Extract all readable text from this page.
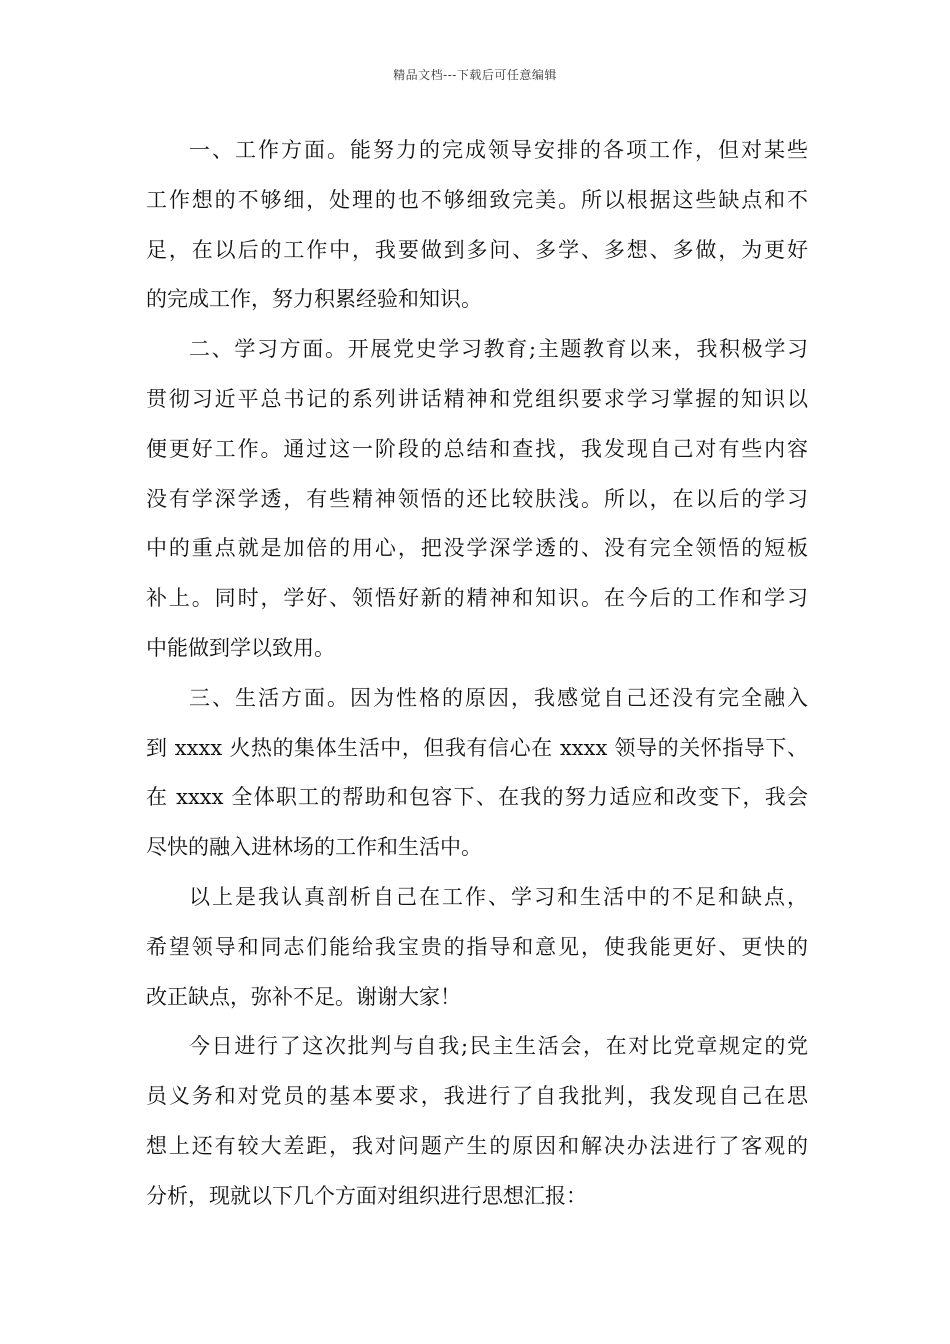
精品文档---下载后可任意编辑

一、工作方面。能努力的完成领导安排的各项工作，但对某些
工作想的不够细，处理的也不够细致完美。所以根据这些缺点和不
足，在以后的工作中，我要做到多问、多学、多想、多做，为更好
的完成工作，努力积累经验和知识。

二、学习方面。开展党史学习教育;主题教育以来，我积极学习
贯彻习近平总书记的系列讲话精神和党组织要求学习掌握的知识以
便更好工作。通过这一阶段的总结和查找，我发现自己对有些内容
没有学深学透，有些精神领悟的还比较肤浅。所以，在以后的学习
中的重点就是加倍的用心，把没学深学透的、没有完全领悟的短板
补上。同时，学好、领悟好新的精神和知识。在今后的工作和学习
中能做到学以致用。

三、生活方面。因为性格的原因，我感觉自己还没有完全融入
到 xxxx 火热的集体生活中，但我有信心在 xxxx 领导的关怀指导下、
在 xxxx 全体职工的帮助和包容下、在我的努力适应和改变下，我会
尽快的融入进林场的工作和生活中。

以上是我认真剖析自己在工作、学习和生活中的不足和缺点，
希望领导和同志们能给我宝贵的指导和意见，使我能更好、更快的
改正缺点，弥补不足。谢谢大家！

今日进行了这次批判与自我;民主生活会，在对比党章规定的党
员义务和对党员的基本要求，我进行了自我批判，我发现自己在思
想上还有较大差距，我对问题产生的原因和解决办法进行了客观的
分析，现就以下几个方面对组织进行思想汇报：
